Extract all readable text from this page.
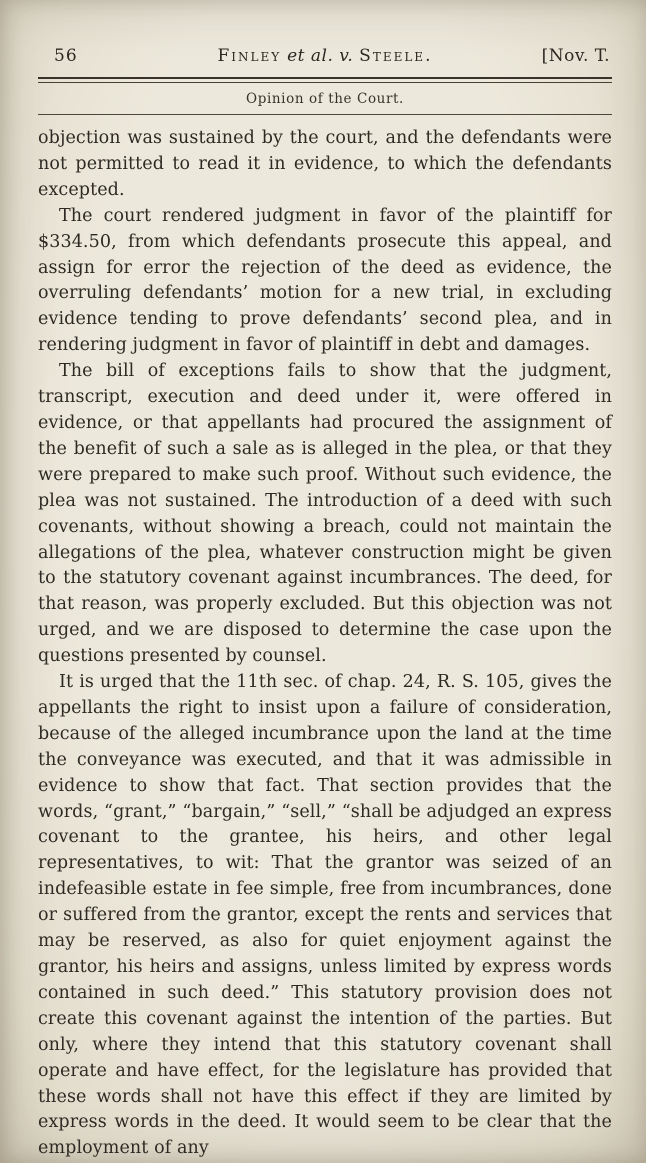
56	Finley et al. v. Steele.	[Nov. T.
Opinion of the Court.

objection was sustained by the court, and the defendants were not permitted to read it in evidence, to which the defendants excepted.

The court rendered judgment in favor of the plaintiff for $334.50, from which defendants prosecute this appeal, and assign for error the rejection of the deed as evidence, the overruling defendants’ motion for a new trial, in excluding evidence tending to prove defendants’ second plea, and in rendering judgment in favor of plaintiff in debt and damages.

The bill of exceptions fails to show that the judgment, transcript, execution and deed under it, were offered in evidence, or that appellants had procured the assignment of the benefit of such a sale as is alleged in the plea, or that they were prepared to make such proof. Without such evidence, the plea was not sustained. The introduction of a deed with such covenants, without showing a breach, could not maintain the allegations of the plea, whatever construction might be given to the statutory covenant against incumbrances. The deed, for that reason, was properly excluded. But this objection was not urged, and we are disposed to determine the case upon the questions presented by counsel.

It is urged that the 11th sec. of chap. 24, R. S. 105, gives the appellants the right to insist upon a failure of consideration, because of the alleged incumbrance upon the land at the time the conveyance was executed, and that it was admissible in evidence to show that fact. That section provides that the words, “grant,” “bargain,” “sell,” “shall be adjudged an express covenant to the grantee, his heirs, and other legal representatives, to wit: That the grantor was seized of an indefeasible estate in fee simple, free from incumbrances, done or suffered from the grantor, except the rents and services that may be reserved, as also for quiet enjoyment against the grantor, his heirs and assigns, unless limited by express words contained in such deed.” This statutory provision does not create this covenant against the intention of the parties. But only, where they intend that this statutory covenant shall operate and have effect, for the legislature has provided that these words shall not have this effect if they are limited by express words in the deed. It would seem to be clear that the employment of any
